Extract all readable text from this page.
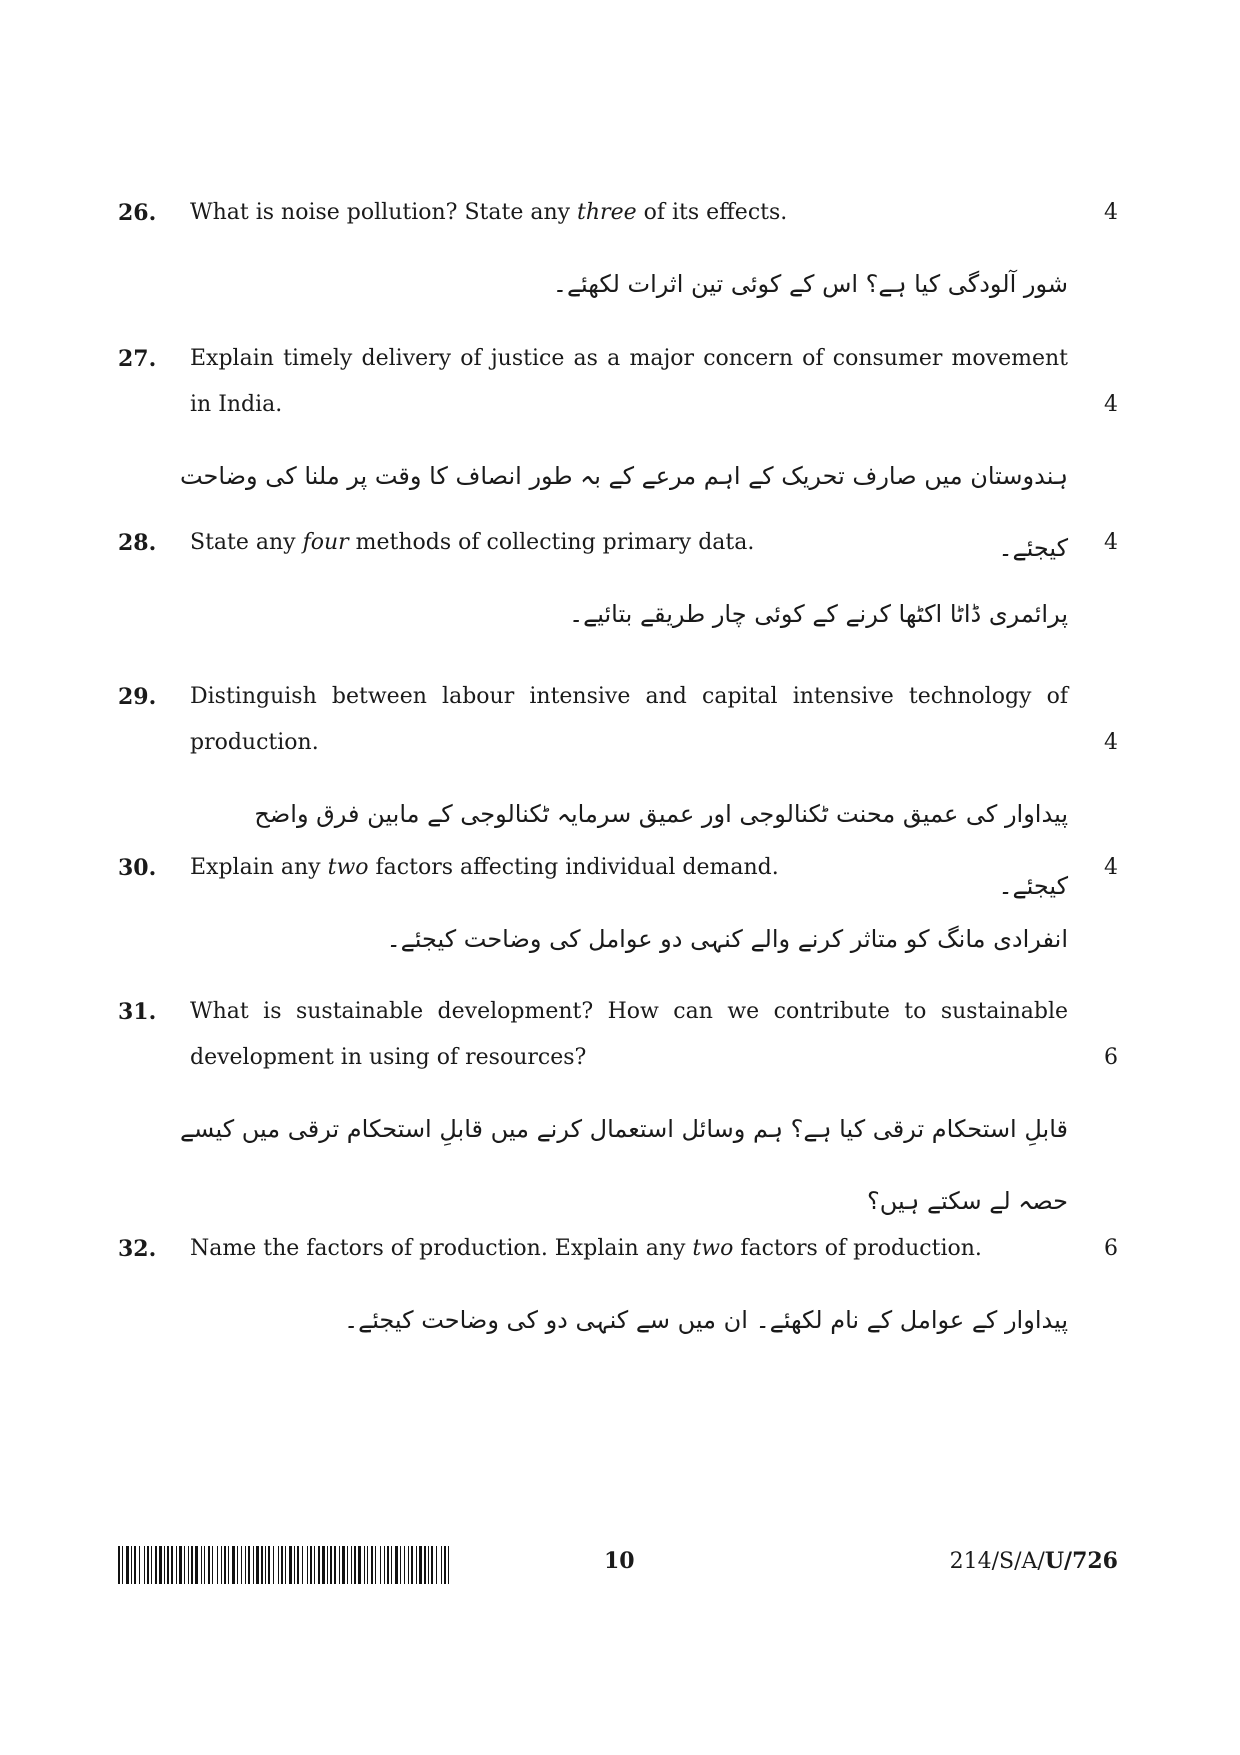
26.	What is noise pollution? State any three of its effects.	4
شور آلودگی کیا ہے؟ اس کے کوئی تین اثرات لکھئے۔
27.	Explain timely delivery of justice as a major concern of consumer movement in India.	4
ہندوستان میں صارف تحریک کے اہم مرعے کے بہ طور انصاف کا وقت پر ملنا کی وضاحت کیجئے۔
28.	State any four methods of collecting primary data.	4
پرائمری ڈاٹا اکٹھا کرنے کے کوئی چار طریقے بتائیے۔
29.	Distinguish between labour intensive and capital intensive technology of production.	4
پیداوار کی عمیق محنت ٹکنالوجی اور عمیق سرمایہ ٹکنالوجی کے مابین فرق واضح کیجئے۔
30.	Explain any two factors affecting individual demand.	4
انفرادی مانگ کو متاثر کرنے والے کنہی دو عوامل کی وضاحت کیجئے۔
31.	What is sustainable development? How can we contribute to sustainable development in using of resources?	6
قابلِ استحکام ترقی کیا ہے؟ ہم وسائل استعمال کرنے میں قابلِ استحکام ترقی میں کیسے حصہ لے سکتے ہیں؟
32.	Name the factors of production. Explain any two factors of production.	6
پیداوار کے عوامل کے نام لکھئے۔ ان میں سے کنہی دو کی وضاحت کیجئے۔
10	214/S/A/U/726
